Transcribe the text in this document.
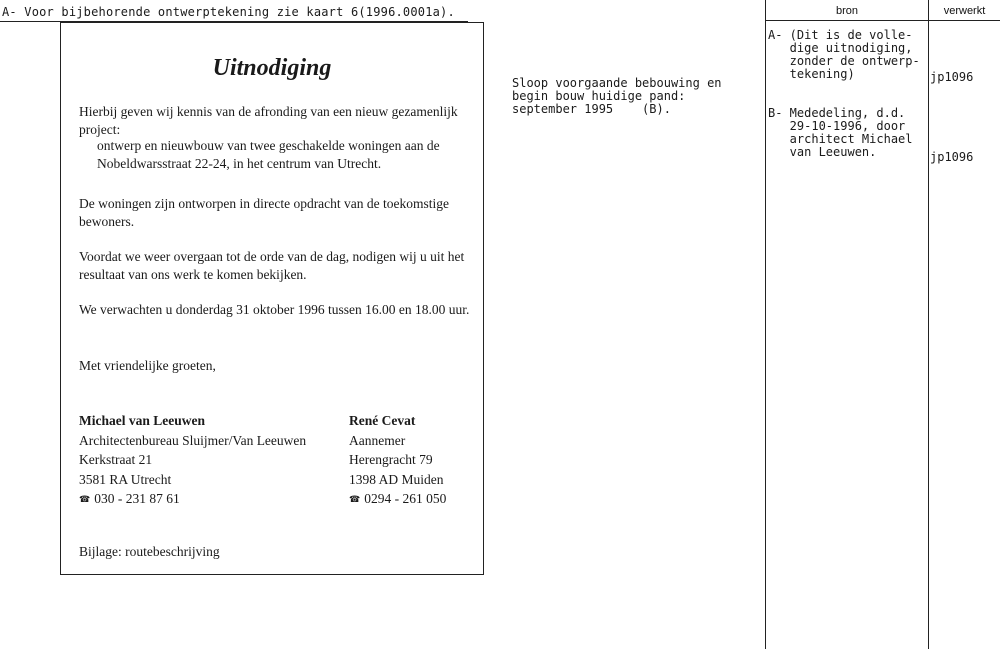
A- Voor bijbehorende ontwerptekening zie kaart 6(1996.0001a).
Uitnodiging
Hierbij geven wij kennis van de afronding van een nieuw gezamenlijk project:
ontwerp en nieuwbouw van twee geschakelde woningen aan de Nobeldwarsstraat 22-24, in het centrum van Utrecht.
De woningen zijn ontworpen in directe opdracht van de toekomstige bewoners.
Voordat we weer overgaan tot de orde van de dag, nodigen wij u uit het resultaat van ons werk te komen bekijken.
We verwachten u donderdag 31 oktober 1996 tussen 16.00 en 18.00 uur.
Met vriendelijke groeten,
Michael van Leeuwen
Architectenbureau Sluijmer/Van Leeuwen
Kerkstraat 21
3581 RA Utrecht
☎ 030 - 231 87 61
René Cevat
Aannemer
Herengracht 79
1398 AD Muiden
☎ 0294 - 261 050
Bijlage: routebeschrijving
Sloop voorgaande bebouwing en
begin bouw huidige pand:
september 1995    (B).
bron	verwerkt
A- (Dit is de volle-
dige uitnodiging,
zonder de ontwerp-
tekening)	jp1096
B- Mededeling, d.d.
29-10-1996, door
architect Michael
van Leeuwen.	jp1096
